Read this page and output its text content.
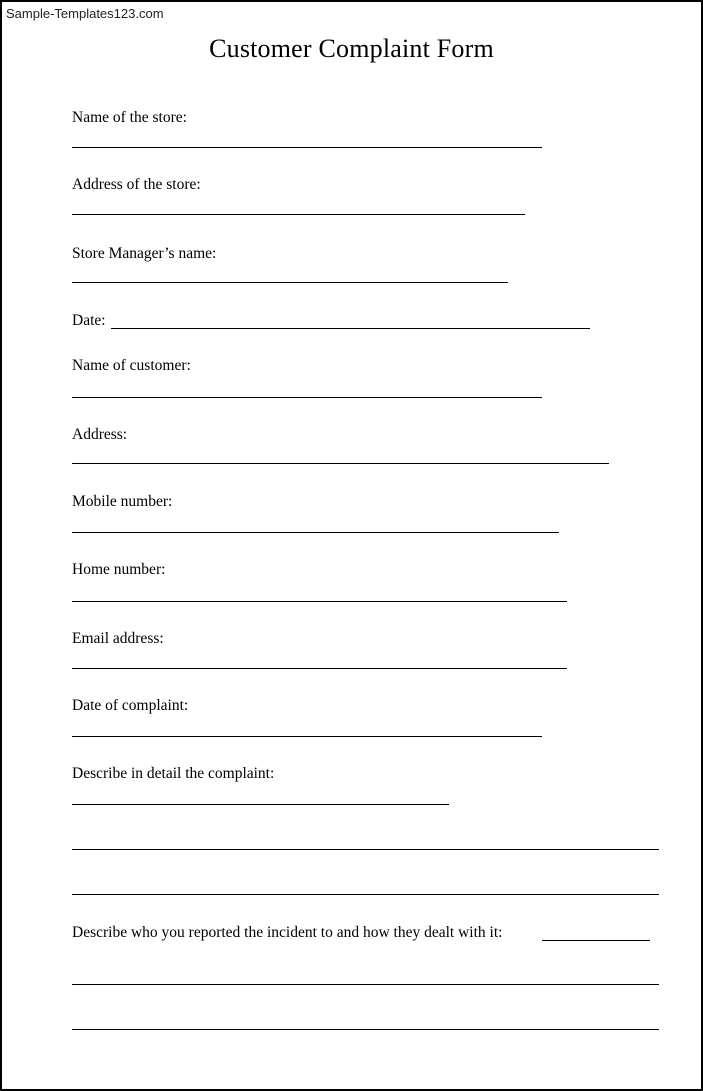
Sample-Templates123.com
Customer Complaint Form
Name of the store:
Address of the store:
Store Manager’s name:
Date:
Name of customer:
Address:
Mobile number:
Home number:
Email address:
Date of complaint:
Describe in detail the complaint:
Describe who you reported the incident to and how they dealt with it:
